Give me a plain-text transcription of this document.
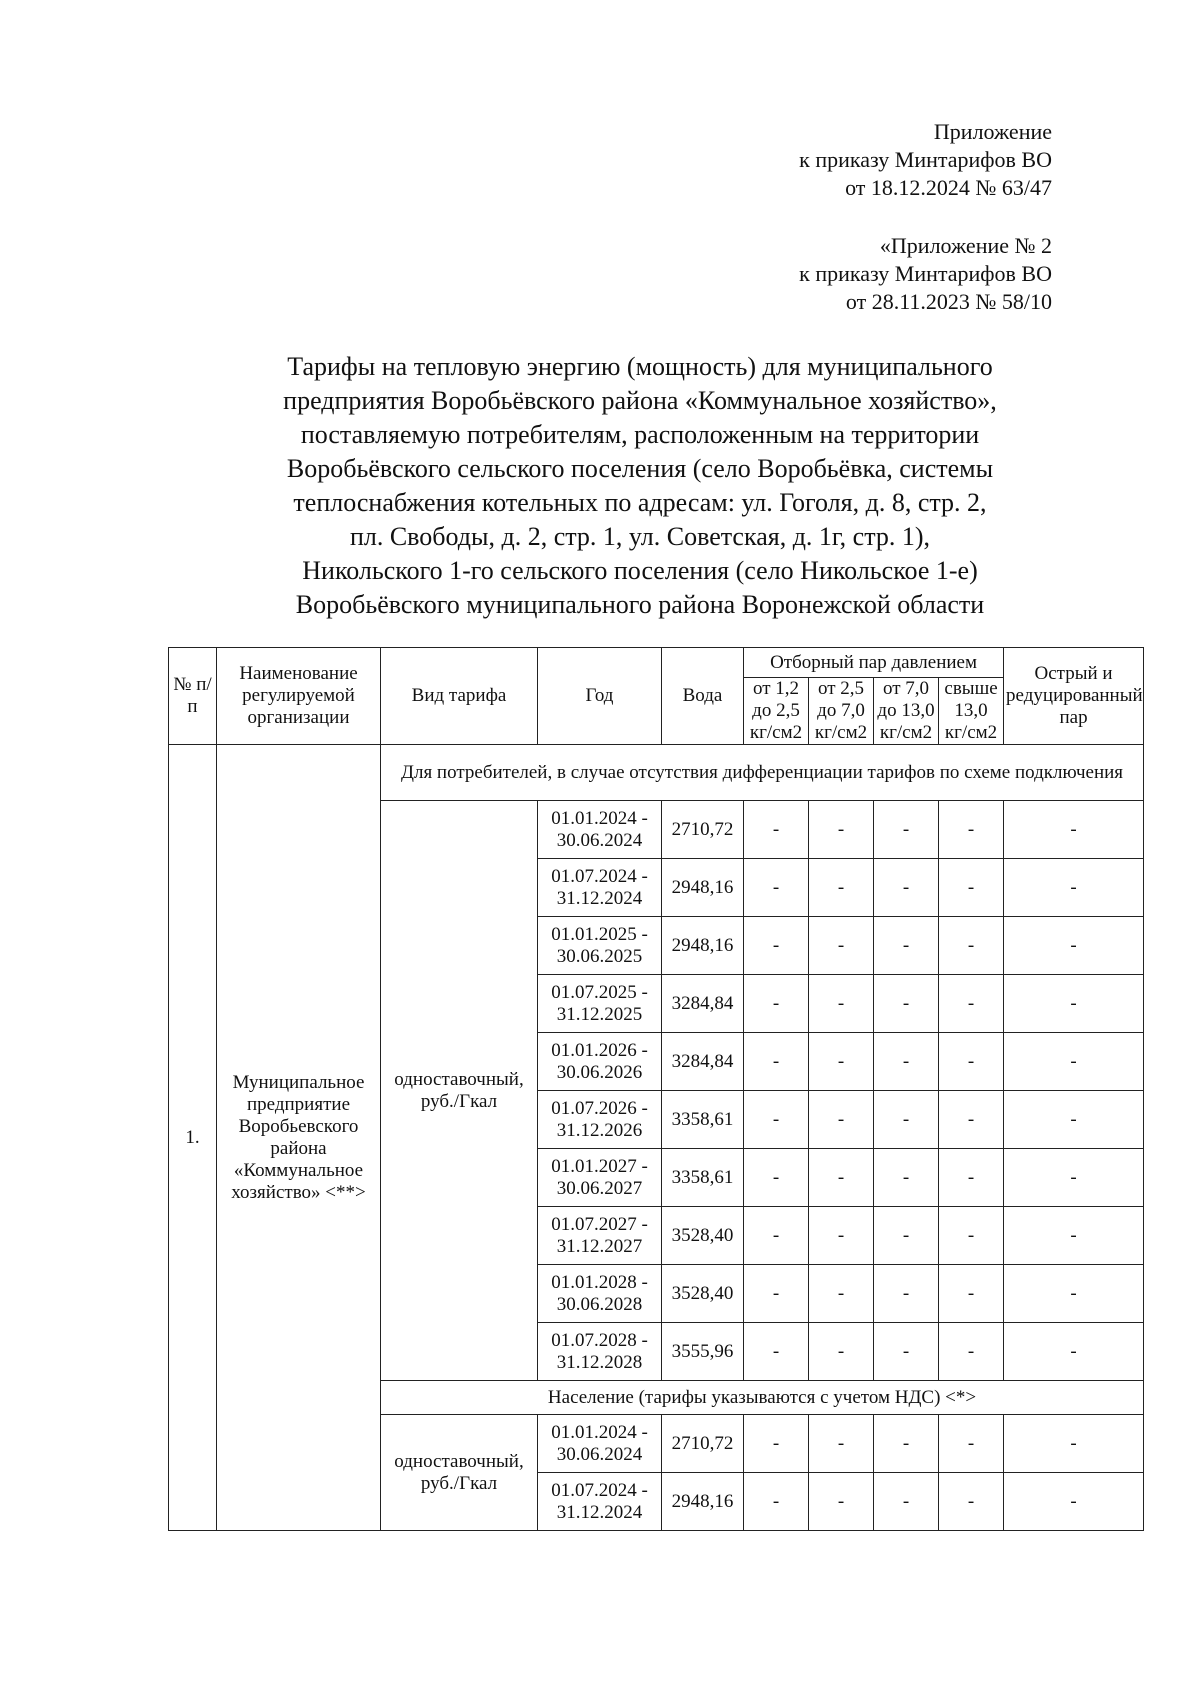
Приложение
к приказу Минтарифов ВО
от 18.12.2024 № 63/47
«Приложение № 2
к приказу Минтарифов ВО
от 28.11.2023 № 58/10
Тарифы на тепловую энергию (мощность) для муниципального
предприятия Воробьёвского района «Коммунальное хозяйство»,
поставляемую потребителям, расположенным на территории
Воробьёвского сельского поселения (село Воробьёвка, системы
теплоснабжения котельных по адресам: ул. Гоголя, д. 8, стр. 2,
пл. Свободы, д. 2, стр. 1, ул. Советская, д. 1г, стр. 1),
Никольского 1-го сельского поселения (село Никольское 1-е)
Воробьёвского муниципального района Воронежской области
№ п/п	Наименование регулируемой организации	Вид тарифа	Год	Вода	Отборный пар давлением				Острый и редуцированный пар
					от 1,2 до 2,5 кг/см2	от 2,5 до 7,0 кг/см2	от 7,0 до 13,0 кг/см2	свыше 13,0 кг/см2	
1.	Муниципальное предприятие Воробьевского района «Коммунальное хозяйство» <**>	Для потребителей, в случае отсутствия дифференциации тарифов по схеме подключения							
		одноставочный, руб./Гкал	01.01.2024 - 30.06.2024	2710,72	-	-	-	-	-
			01.07.2024 - 31.12.2024	2948,16	-	-	-	-	-
			01.01.2025 - 30.06.2025	2948,16	-	-	-	-	-
			01.07.2025 - 31.12.2025	3284,84	-	-	-	-	-
			01.01.2026 - 30.06.2026	3284,84	-	-	-	-	-
			01.07.2026 - 31.12.2026	3358,61	-	-	-	-	-
			01.01.2027 - 30.06.2027	3358,61	-	-	-	-	-
			01.07.2027 - 31.12.2027	3528,40	-	-	-	-	-
			01.01.2028 - 30.06.2028	3528,40	-	-	-	-	-
			01.07.2028 - 31.12.2028	3555,96	-	-	-	-	-
		Население (тарифы указываются с учетом НДС) <*>							
		одноставочный, руб./Гкал	01.01.2024 - 30.06.2024	2710,72	-	-	-	-	-
			01.07.2024 - 31.12.2024	2948,16	-	-	-	-	-
